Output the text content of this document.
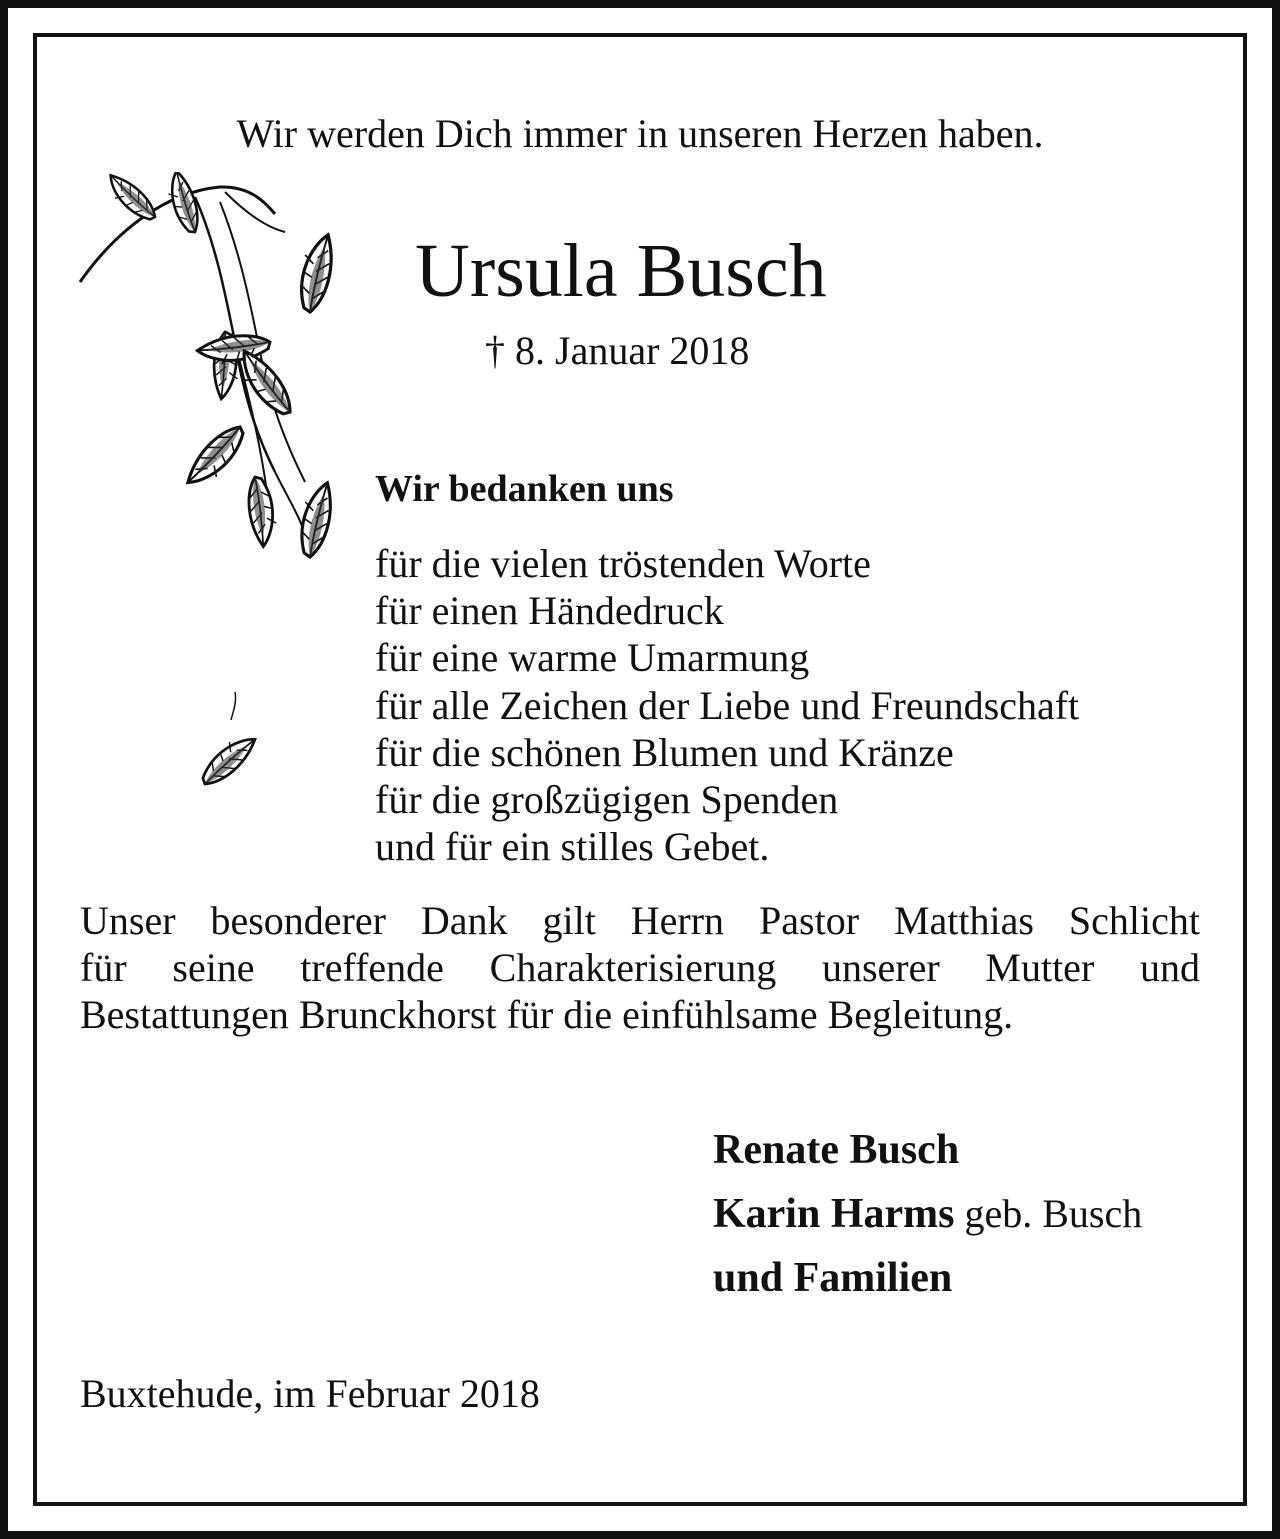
Wir werden Dich immer in unseren Herzen haben.
Ursula Busch
† 8. Januar 2018
Wir bedanken uns
für die vielen tröstenden Worte
für einen Händedruck
für eine warme Umarmung
für alle Zeichen der Liebe und Freundschaft
für die schönen Blumen und Kränze
für die großzügigen Spenden
und für ein stilles Gebet.
Unser besonderer Dank gilt Herrn Pastor Matthias Schlicht
für seine treffende Charakterisierung unserer Mutter und
Bestattungen Brunckhorst für die einfühlsame Begleitung.
Renate Busch
Karin Harms geb. Busch
und Familien
Buxtehude, im Februar 2018
